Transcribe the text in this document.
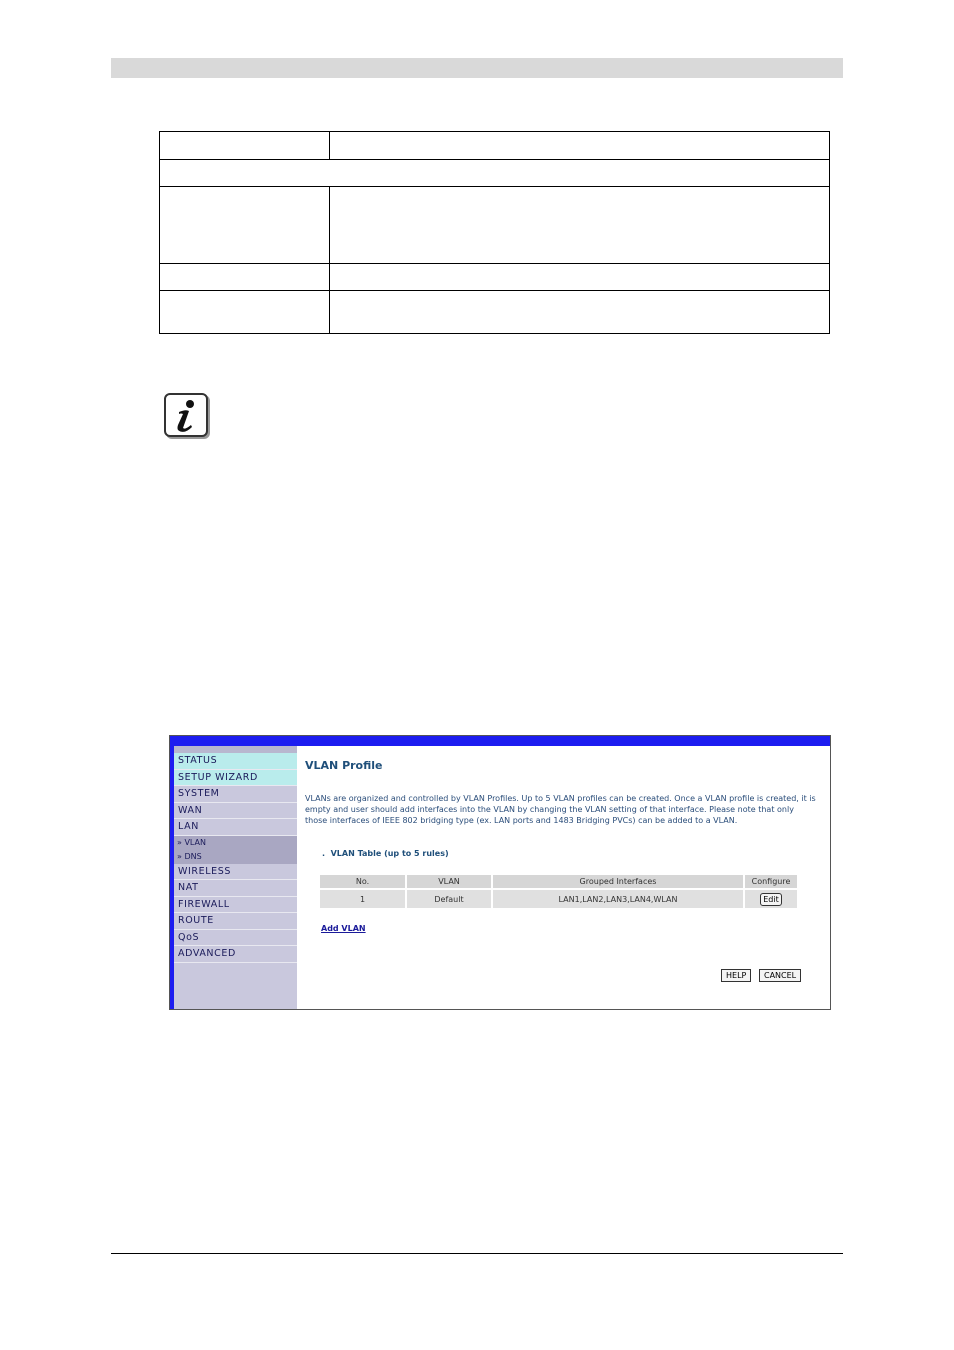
STATUS
SETUP WIZARD
SYSTEM
WAN
LAN
» VLAN
» DNS
WIRELESS
NAT
FIREWALL
ROUTE
QoS
ADVANCED
VLAN Profile
VLANs are organized and controlled by VLAN Profiles. Up to 5 VLAN profiles can be created. Once a VLAN profile is created, it is empty and user should add interfaces into the VLAN by changing the VLAN setting of that interface. Please note that only those interfaces of IEEE 802 bridging type (ex. LAN ports and 1483 Bridging PVCs) can be added to a VLAN.
.  VLAN Table (up to 5 rules)
No.	VLAN	Grouped Interfaces	Configure
1	Default	LAN1,LAN2,LAN3,LAN4,WLAN	Edit
Add VLAN
HELP	CANCEL
